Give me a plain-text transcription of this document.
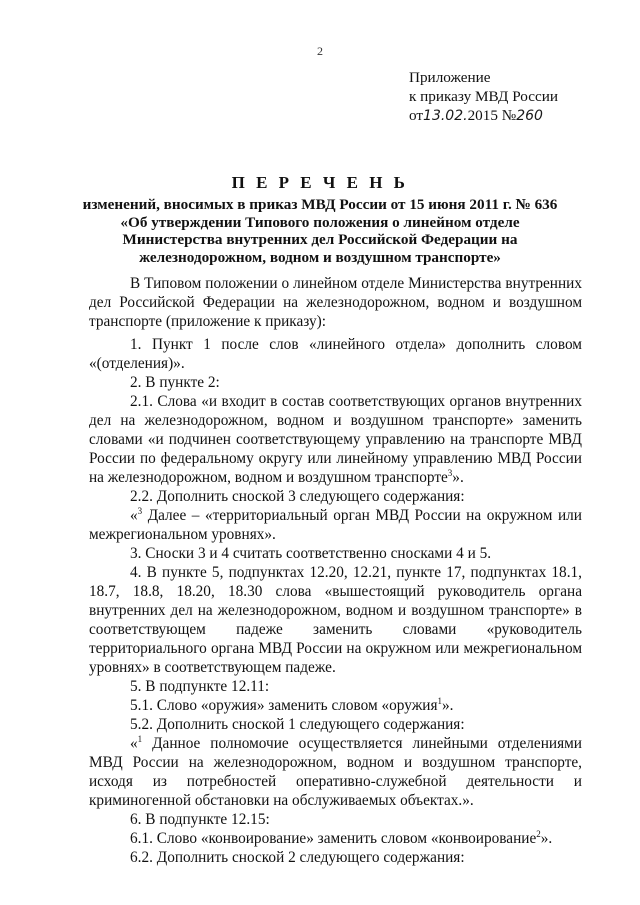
2
Приложение
к приказу МВД России
от13.02.2015 №260
П Е Р Е Ч Е Н Ь
изменений, вносимых в приказ МВД России от 15 июня 2011 г. № 636
«Об утверждении Типового положения о линейном отделе
Министерства внутренних дел Российской Федерации на
железнодорожном, водном и воздушном транспорте»

В Типовом положении о линейном отделе Министерства внутренних дел Российской Федерации на железнодорожном, водном и воздушном транспорте (приложение к приказу):

1. Пункт 1 после слов «линейного отдела» дополнить словом «(отделения)».

2. В пункте 2:

2.1. Слова «и входит в состав соответствующих органов внутренних дел на железнодорожном, водном и воздушном транспорте» заменить словами «и подчинен соответствующему управлению на транспорте МВД России по федеральному округу или линейному управлению МВД России на железнодорожном, водном и воздушном транспорте$^3$».

2.2. Дополнить сноской 3 следующего содержания:

«$^3$ Далее – «территориальный орган МВД России на окружном или межрегиональном уровнях».

3. Сноски 3 и 4 считать соответственно сносками 4 и 5.

4. В пункте 5, подпунктах 12.20, 12.21, пункте 17, подпунктах 18.1, 18.7, 18.8, 18.20, 18.30 слова «вышестоящий руководитель органа внутренних дел на железнодорожном, водном и воздушном транспорте» в соответствующем падеже заменить словами «руководитель территориального органа МВД России на окружном или межрегиональном уровнях» в соответствующем падеже.

5. В подпункте 12.11:

5.1. Слово «оружия» заменить словом «оружия$^1$».

5.2. Дополнить сноской 1 следующего содержания:

«$^1$ Данное полномочие осуществляется линейными отделениями МВД России на железнодорожном, водном и воздушном транспорте, исходя из потребностей оперативно-служебной деятельности и криминогенной обстановки на обслуживаемых объектах.».

6. В подпункте 12.15:

6.1. Слово «конвоирование» заменить словом «конвоирование$^2$».

6.2. Дополнить сноской 2 следующего содержания:
